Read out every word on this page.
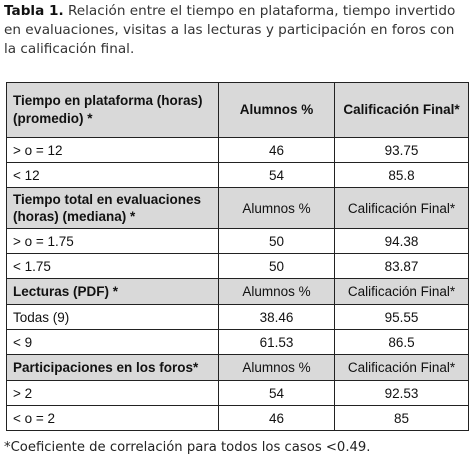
Tabla 1. Relación entre el tiempo en plataforma, tiempo invertido en evaluaciones, visitas a las lecturas y participación en foros con la calificación final.
Tiempo en plataforma (horas) (promedio) *	Alumnos %	Calificación Final*
> o = 12	46	93.75
< 12	54	85.8
Tiempo total en evaluaciones (horas) (mediana) *	Alumnos %	Calificación Final*
> o = 1.75	50	94.38
< 1.75	50	83.87
Lecturas (PDF) *	Alumnos %	Calificación Final*
Todas (9)	38.46	95.55
< 9	61.53	86.5
Participaciones en los foros*	Alumnos %	Calificación Final*
> 2	54	92.53
< o = 2	46	85
*Coeficiente de correlación para todos los casos <0.49.
